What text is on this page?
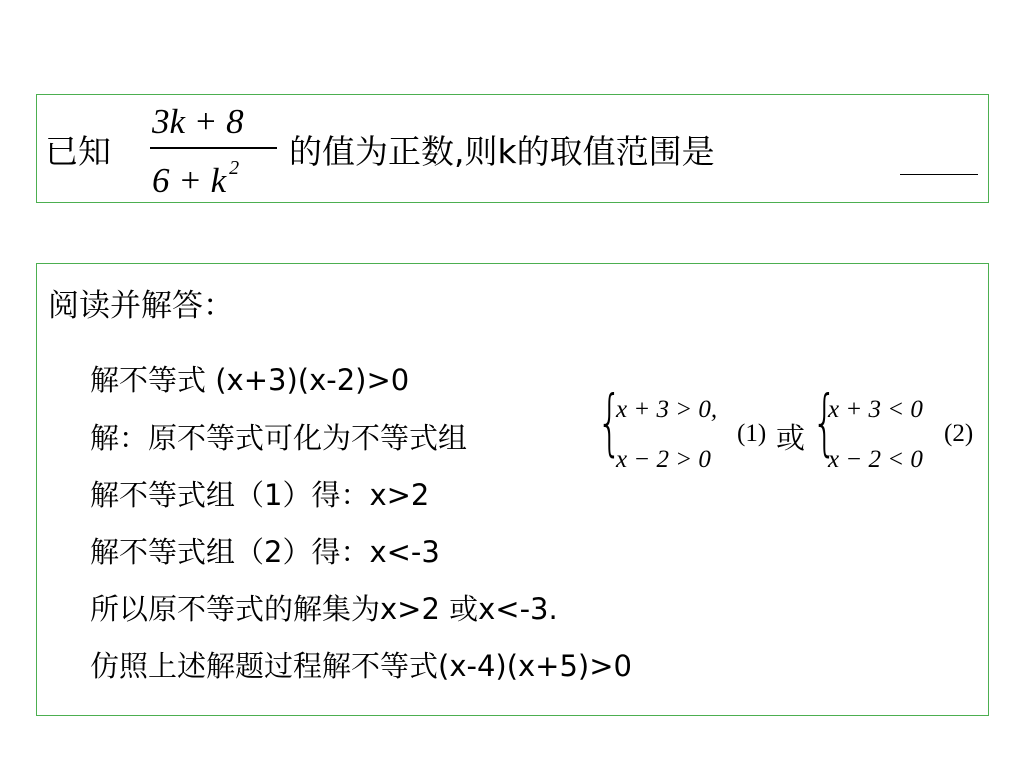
已知
3k + 8
6 + k $^2$ 的值为正数,则k的取值范围是
阅读并解答：
解不等式 (x+3)(x-2)>0
解：原不等式可化为不等式组 {
x + 3 > 0,
x − 2 > 0
(1) 或 {
x + 3 < 0
x − 2 < 0
(2)
解不等式组（1）得：x>2
解不等式组（2）得：x<-3
所以原不等式的解集为x>2 或x<-3.
仿照上述解题过程解不等式(x-4)(x+5)>0
